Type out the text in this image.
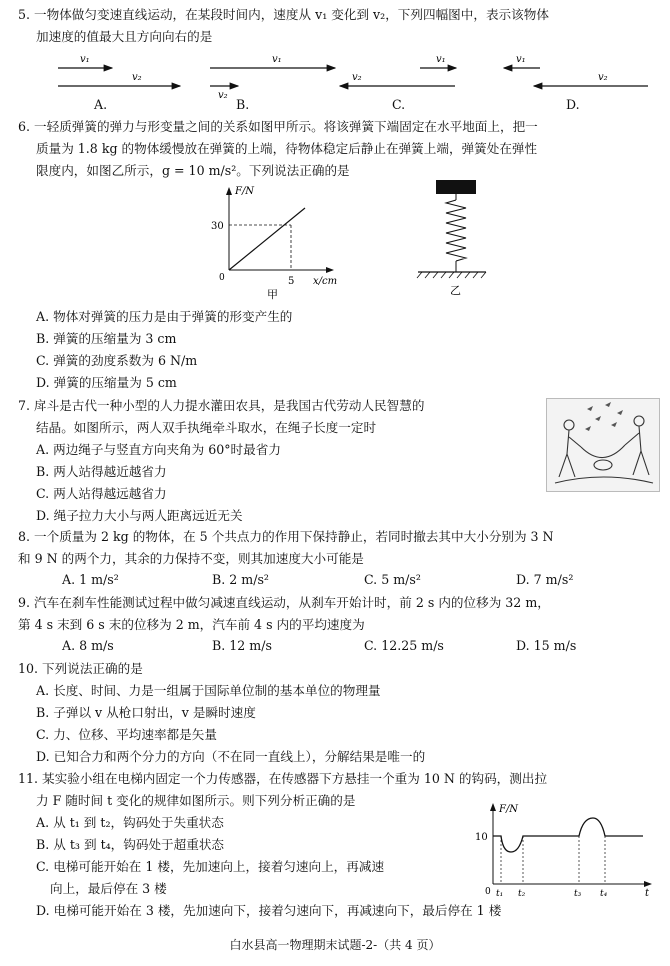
5. 一物体做匀变速直线运动，在某段时间内，速度从 v₁ 变化到 v₂，下列四幅图中，表示该物体
加速度的值最大且方向向右的是
v₁
v₂
v₁
v₂
v₁
v₂
v₁
v₂
A.	B.	C.	D.
6. 一轻质弹簧的弹力与形变量之间的关系如图甲所示。将该弹簧下端固定在水平地面上，把一
质量为 1.8 kg 的物体缓慢放在弹簧的上端，待物体稳定后静止在弹簧上端，弹簧处在弹性
限度内，如图乙所示，g = 10 m/s²。下列说法正确的是
F/N
x/cm
30
5
0
甲	乙
A. 物体对弹簧的压力是由于弹簧的形变产生的
B. 弹簧的压缩量为 3 cm
C. 弹簧的劲度系数为 6 N/m
D. 弹簧的压缩量为 5 cm
7. 戽斗是古代一种小型的人力提水灌田农具，是我国古代劳动人民智慧的
结晶。如图所示，两人双手执绳牵斗取水，在绳子长度一定时
A. 两边绳子与竖直方向夹角为 60°时最省力
B. 两人站得越近越省力
C. 两人站得越远越省力
D. 绳子拉力大小与两人距离远近无关
8. 一个质量为 2 kg 的物体，在 5 个共点力的作用下保持静止，若同时撤去其中大小分别为 3 N
和 9 N 的两个力，其余的力保持不变，则其加速度大小可能是
A. 1 m/s²	B. 2 m/s²	C. 5 m/s²	D. 7 m/s²
9. 汽车在刹车性能测试过程中做匀减速直线运动，从刹车开始计时，前 2 s 内的位移为 32 m，
第 4 s 末到 6 s 末的位移为 2 m，汽车前 4 s 内的平均速度为
A. 8 m/s	B. 12 m/s	C. 12.25 m/s	D. 15 m/s
10. 下列说法正确的是
A. 长度、时间、力是一组属于国际单位制的基本单位的物理量
B. 子弹以 v 从枪口射出，v 是瞬时速度
C. 力、位移、平均速率都是矢量
D. 已知合力和两个分力的方向（不在同一直线上），分解结果是唯一的
11. 某实验小组在电梯内固定一个力传感器，在传感器下方悬挂一个重为 10 N 的钩码，测出拉
力 F 随时间 t 变化的规律如图所示。则下列分析正确的是
A. 从 t₁ 到 t₂，钩码处于失重状态
B. 从 t₃ 到 t₄，钩码处于超重状态
C. 电梯可能开始在 1 楼，先加速向上，接着匀速向上，再减速
向上，最后停在 3 楼
D. 电梯可能开始在 3 楼，先加速向下，接着匀速向下，再减速向下，最后停在 1 楼
F/N
10
0	t
t₁ t₂	t₃ t₄
白水县高一物理期末试题-2-（共 4 页）
